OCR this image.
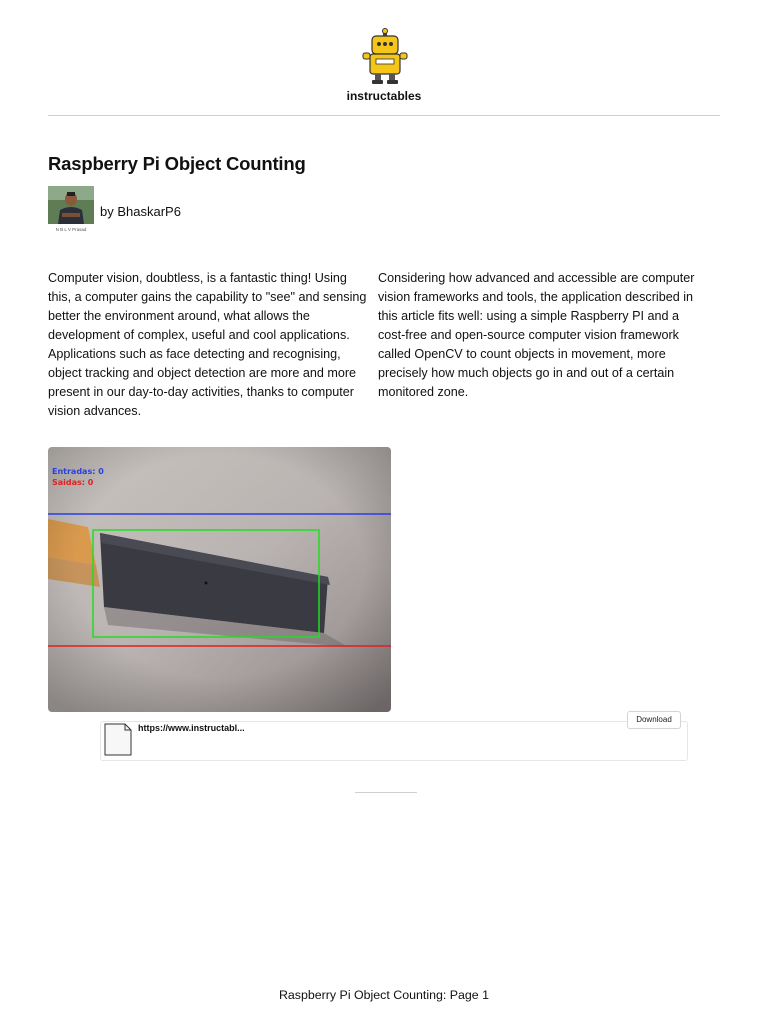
instructables
Raspberry Pi Object Counting
N B L V Prasad
by BhaskarP6
Computer vision, doubtless, is a fantastic thing! Using this, a computer gains the capability to "see" and sensing better the environment around, what allows the development of complex, useful and cool applications. Applications such as face detecting and recognising, object tracking and object detection are more and more present in our day-to-day activities, thanks to computer vision advances.
Considering how advanced and accessible are computer vision frameworks and tools, the application described in this article fits well: using a simple Raspberry PI and a cost-free and open-source computer vision framework called OpenCV to count objects in movement, more precisely how much objects go in and out of a certain monitored zone.
Entradas: 0
Saidas: 0
https://www.instructabl...
Download
Raspberry Pi Object Counting: Page 1
